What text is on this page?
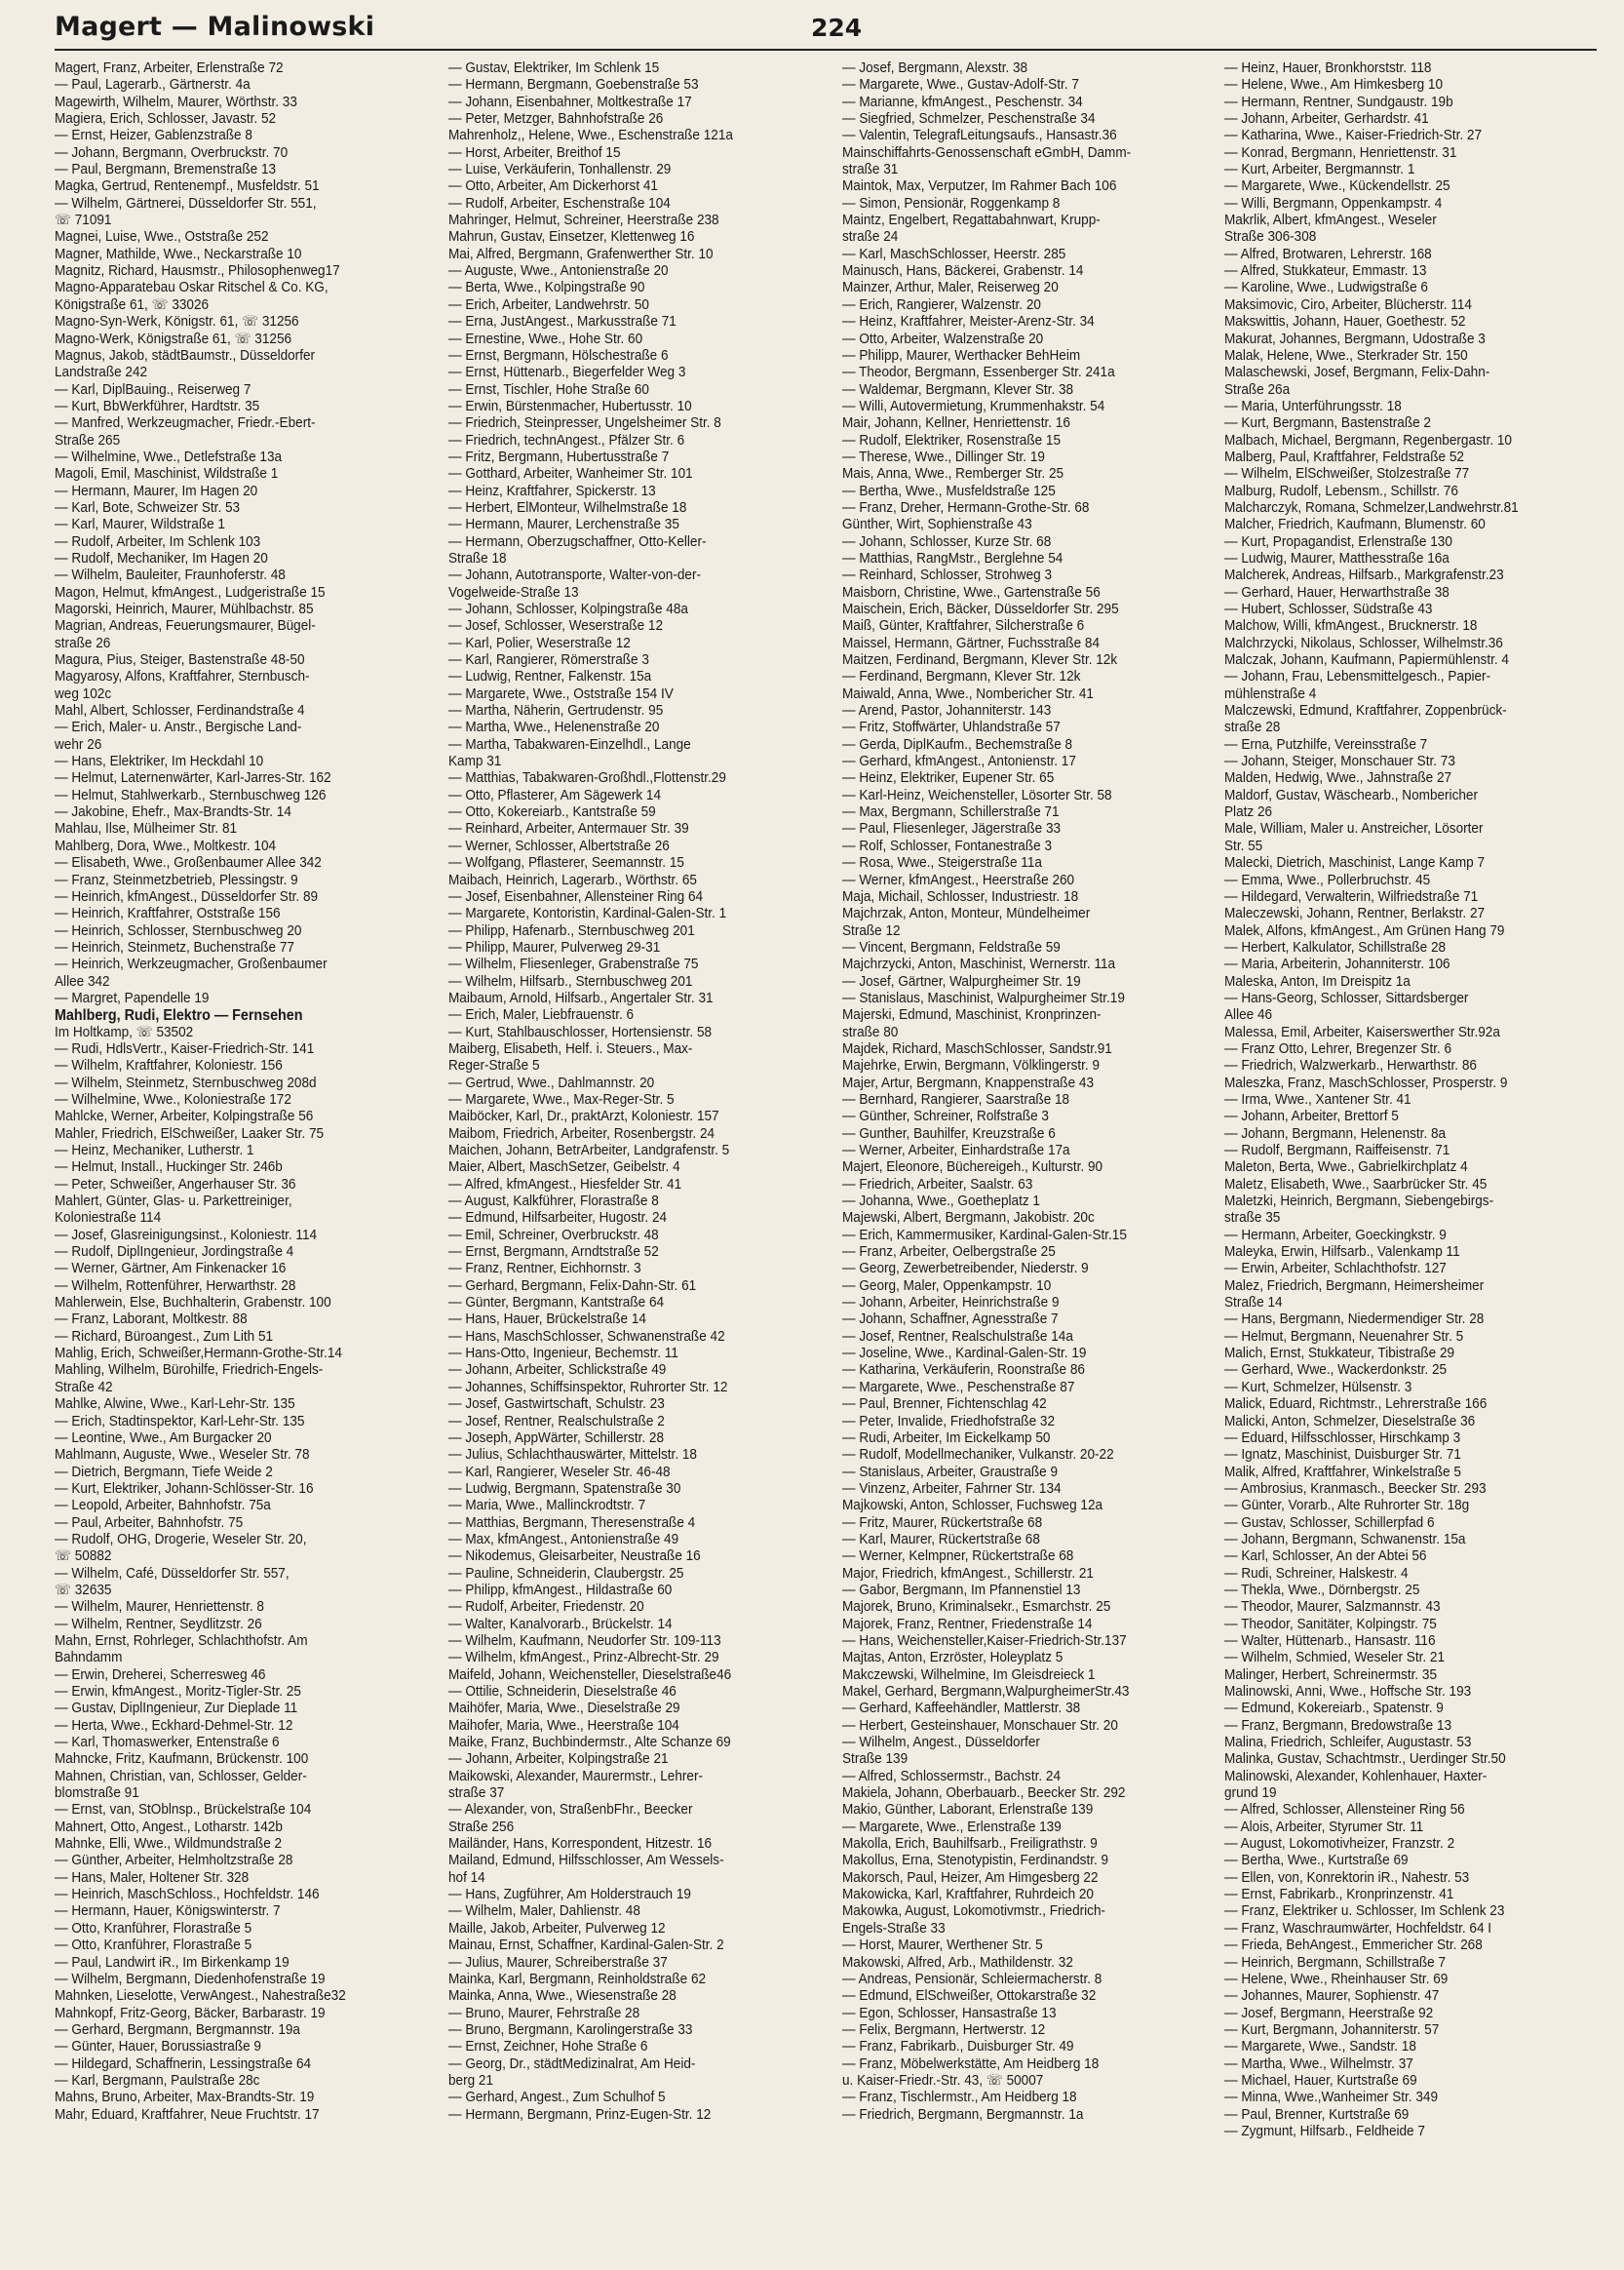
Magert — Malinowski	224
Magert, Franz, Arbeiter, Erlenstraße 72
— Paul, Lagerarb., Gärtnerstr. 4a
Magewirth, Wilhelm, Maurer, Wörthstr. 33
Magiera, Erich, Schlosser, Javastr. 52
— Ernst, Heizer, Gablenzstraße 8
— Johann, Bergmann, Overbruckstr. 70
— Paul, Bergmann, Bremenstraße 13
Magka, Gertrud, Rentenempf., Musfeldstr. 51
— Wilhelm, Gärtnerei, Düsseldorfer Str. 551,
☏ 71091
Magnei, Luise, Wwe., Oststraße 252
Magner, Mathilde, Wwe., Neckarstraße 10
Magnitz, Richard, Hausmstr., Philosophenweg17
Magno-Apparatebau Oskar Ritschel & Co. KG,
Königstraße 61, ☏ 33026
Magno-Syn-Werk, Königstr. 61, ☏ 31256
Magno-Werk, Königstraße 61, ☏ 31256
Magnus, Jakob, städtBaumstr., Düsseldorfer
Landstraße 242
— Karl, DiplBauing., Reiserweg 7
— Kurt, BbWerkführer, Hardtstr. 35
— Manfred, Werkzeugmacher, Friedr.-Ebert-
Straße 265
— Wilhelmine, Wwe., Detlefstraße 13a
Magoli, Emil, Maschinist, Wildstraße 1
— Hermann, Maurer, Im Hagen 20
— Karl, Bote, Schweizer Str. 53
— Karl, Maurer, Wildstraße 1
— Rudolf, Arbeiter, Im Schlenk 103
— Rudolf, Mechaniker, Im Hagen 20
— Wilhelm, Bauleiter, Fraunhoferstr. 48
Magon, Helmut, kfmAngest., Ludgeristraße 15
Magorski, Heinrich, Maurer, Mühlbachstr. 85
Magrian, Andreas, Feuerungsmaurer, Bügel-
straße 26
Magura, Pius, Steiger, Bastenstraße 48-50
Magyarosy, Alfons, Kraftfahrer, Sternbusch-
weg 102c
Mahl, Albert, Schlosser, Ferdinandstraße 4
— Erich, Maler- u. Anstr., Bergische Land-
wehr 26
— Hans, Elektriker, Im Heckdahl 10
— Helmut, Laternenwärter, Karl-Jarres-Str. 162
— Helmut, Stahlwerkarb., Sternbuschweg 126
— Jakobine, Ehefr., Max-Brandts-Str. 14
Mahlau, Ilse, Mülheimer Str. 81
Mahlberg, Dora, Wwe., Moltkestr. 104
— Elisabeth, Wwe., Großenbaumer Allee 342
— Franz, Steinmetzbetrieb, Plessingstr. 9
— Heinrich, kfmAngest., Düsseldorfer Str. 89
— Heinrich, Kraftfahrer, Oststraße 156
— Heinrich, Schlosser, Sternbuschweg 20
— Heinrich, Steinmetz, Buchenstraße 77
— Heinrich, Werkzeugmacher, Großenbaumer
Allee 342
— Margret, Papendelle 19
Mahlberg, Rudi, Elektro — Fernsehen
Im Holtkamp, ☏ 53502
— Rudi, HdlsVertr., Kaiser-Friedrich-Str. 141
— Wilhelm, Kraftfahrer, Koloniestr. 156
— Wilhelm, Steinmetz, Sternbuschweg 208d
— Wilhelmine, Wwe., Koloniestraße 172
Mahlcke, Werner, Arbeiter, Kolpingstraße 56
Mahler, Friedrich, ElSchweißer, Laaker Str. 75
— Heinz, Mechaniker, Lutherstr. 1
— Helmut, Install., Huckinger Str. 246b
— Peter, Schweißer, Angerhauser Str. 36
Mahlert, Günter, Glas- u. Parkettreiniger,
Koloniestraße 114
— Josef, Glasreinigungsinst., Koloniestr. 114
— Rudolf, DiplIngenieur, Jordingstraße 4
— Werner, Gärtner, Am Finkenacker 16
— Wilhelm, Rottenführer, Herwarthstr. 28
Mahlerwein, Else, Buchhalterin, Grabenstr. 100
— Franz, Laborant, Moltkestr. 88
— Richard, Büroangest., Zum Lith 51
Mahlig, Erich, Schweißer,Hermann-Grothe-Str.14
Mahling, Wilhelm, Bürohilfe, Friedrich-Engels-
Straße 42
Mahlke, Alwine, Wwe., Karl-Lehr-Str. 135
— Erich, Stadtinspektor, Karl-Lehr-Str. 135
— Leontine, Wwe., Am Burgacker 20
Mahlmann, Auguste, Wwe., Weseler Str. 78
— Dietrich, Bergmann, Tiefe Weide 2
— Kurt, Elektriker, Johann-Schlösser-Str. 16
— Leopold, Arbeiter, Bahnhofstr. 75a
— Paul, Arbeiter, Bahnhofstr. 75
— Rudolf, OHG, Drogerie, Weseler Str. 20,
☏ 50882
— Wilhelm, Café, Düsseldorfer Str. 557,
☏ 32635
— Wilhelm, Maurer, Henriettenstr. 8
— Wilhelm, Rentner, Seydlitzstr. 26
Mahn, Ernst, Rohrleger, Schlachthofstr. Am
Bahndamm
— Erwin, Dreherei, Scherresweg 46
— Erwin, kfmAngest., Moritz-Tigler-Str. 25
— Gustav, DiplIngenieur, Zur Dieplade 11
— Herta, Wwe., Eckhard-Dehmel-Str. 12
— Karl, Thomaswerker, Entenstraße 6
Mahncke, Fritz, Kaufmann, Brückenstr. 100
Mahnen, Christian, van, Schlosser, Gelder-
blomstraße 91
— Ernst, van, StOblnsp., Brückelstraße 104
Mahnert, Otto, Angest., Lotharstr. 142b
Mahnke, Elli, Wwe., Wildmundstraße 2
— Günther, Arbeiter, Helmholtzstraße 28
— Hans, Maler, Holtener Str. 328
— Heinrich, MaschSchloss., Hochfeldstr. 146
— Hermann, Hauer, Königswinterstr. 7
— Otto, Kranführer, Florastraße 5
— Otto, Kranführer, Florastraße 5
— Paul, Landwirt iR., Im Birkenkamp 19
— Wilhelm, Bergmann, Diedenhofenstraße 19
Mahnken, Lieselotte, VerwAngest., Nahestraße32
Mahnkopf, Fritz-Georg, Bäcker, Barbarastr. 19
— Gerhard, Bergmann, Bergmannstr. 19a
— Günter, Hauer, Borussiastraße 9
— Hildegard, Schaffnerin, Lessingstraße 64
— Karl, Bergmann, Paulstraße 28c
Mahns, Bruno, Arbeiter, Max-Brandts-Str. 19
Mahr, Eduard, Kraftfahrer, Neue Fruchtstr. 17
— Gustav, Elektriker, Im Schlenk 15
— Hermann, Bergmann, Goebenstraße 53
— Johann, Eisenbahner, Moltkestraße 17
— Peter, Metzger, Bahnhofstraße 26
Mahrenholz,, Helene, Wwe., Eschenstraße 121a
— Horst, Arbeiter, Breithof 15
— Luise, Verkäuferin, Tonhallenstr. 29
— Otto, Arbeiter, Am Dickerhorst 41
— Rudolf, Arbeiter, Eschenstraße 104
Mahringer, Helmut, Schreiner, Heerstraße 238
Mahrun, Gustav, Einsetzer, Klettenweg 16
Mai, Alfred, Bergmann, Grafenwerther Str. 10
— Auguste, Wwe., Antonienstraße 20
— Berta, Wwe., Kolpingstraße 90
— Erich, Arbeiter, Landwehrstr. 50
— Erna, JustAngest., Markusstraße 71
— Ernestine, Wwe., Hohe Str. 60
— Ernst, Bergmann, Hölschestraße 6
— Ernst, Hüttenarb., Biegerfelder Weg 3
— Ernst, Tischler, Hohe Straße 60
— Erwin, Bürstenmacher, Hubertusstr. 10
— Friedrich, Steinpresser, Ungelsheimer Str. 8
— Friedrich, technAngest., Pfälzer Str. 6
— Fritz, Bergmann, Hubertusstraße 7
— Gotthard, Arbeiter, Wanheimer Str. 101
— Heinz, Kraftfahrer, Spickerstr. 13
— Herbert, ElMonteur, Wilhelmstraße 18
— Hermann, Maurer, Lerchenstraße 35
— Hermann, Oberzugschaffner, Otto-Keller-
Straße 18
— Johann, Autotransporte, Walter-von-der-
Vogelweide-Straße 13
— Johann, Schlosser, Kolpingstraße 48a
— Josef, Schlosser, Weserstraße 12
— Karl, Polier, Weserstraße 12
— Karl, Rangierer, Römerstraße 3
— Ludwig, Rentner, Falkenstr. 15a
— Margarete, Wwe., Oststraße 154 IV
— Martha, Näherin, Gertrudenstr. 95
— Martha, Wwe., Helenenstraße 20
— Martha, Tabakwaren-Einzelhdl., Lange
Kamp 31
— Matthias, Tabakwaren-Großhdl.,Flottenstr.29
— Otto, Pflasterer, Am Sägewerk 14
— Otto, Kokereiarb., Kantstraße 59
— Reinhard, Arbeiter, Antermauer Str. 39
— Werner, Schlosser, Albertstraße 26
— Wolfgang, Pflasterer, Seemannstr. 15
Maibach, Heinrich, Lagerarb., Wörthstr. 65
— Josef, Eisenbahner, Allensteiner Ring 64
— Margarete, Kontoristin, Kardinal-Galen-Str. 1
— Philipp, Hafenarb., Sternbuschweg 201
— Philipp, Maurer, Pulverweg 29-31
— Wilhelm, Fliesenleger, Grabenstraße 75
— Wilhelm, Hilfsarb., Sternbuschweg 201
Maibaum, Arnold, Hilfsarb., Angertaler Str. 31
— Erich, Maler, Liebfrauenstr. 6
— Kurt, Stahlbauschlosser, Hortensienstr. 58
Maiberg, Elisabeth, Helf. i. Steuers., Max-
Reger-Straße 5
— Gertrud, Wwe., Dahlmannstr. 20
— Margarete, Wwe., Max-Reger-Str. 5
Maiböcker, Karl, Dr., praktArzt, Koloniestr. 157
Maibom, Friedrich, Arbeiter, Rosenbergstr. 24
Maichen, Johann, BetrArbeiter, Landgrafenstr. 5
Maier, Albert, MaschSetzer, Geibelstr. 4
— Alfred, kfmAngest., Hiesfelder Str. 41
— August, Kalkführer, Florastraße 8
— Edmund, Hilfsarbeiter, Hugostr. 24
— Emil, Schreiner, Overbruckstr. 48
— Ernst, Bergmann, Arndtstraße 52
— Franz, Rentner, Eichhornstr. 3
— Gerhard, Bergmann, Felix-Dahn-Str. 61
— Günter, Bergmann, Kantstraße 64
— Hans, Hauer, Brückelstraße 14
— Hans, MaschSchlosser, Schwanenstraße 42
— Hans-Otto, Ingenieur, Bechemstr. 11
— Johann, Arbeiter, Schlickstraße 49
— Johannes, Schiffsinspektor, Ruhrorter Str. 12
— Josef, Gastwirtschaft, Schulstr. 23
— Josef, Rentner, Realschulstraße 2
— Joseph, AppWärter, Schillerstr. 28
— Julius, Schlachthauswärter, Mittelstr. 18
— Karl, Rangierer, Weseler Str. 46-48
— Ludwig, Bergmann, Spatenstraße 30
— Maria, Wwe., Mallinckrodtstr. 7
— Matthias, Bergmann, Theresenstraße 4
— Max, kfmAngest., Antonienstraße 49
— Nikodemus, Gleisarbeiter, Neustraße 16
— Pauline, Schneiderin, Claubergstr. 25
— Philipp, kfmAngest., Hildastraße 60
— Rudolf, Arbeiter, Friedenstr. 20
— Walter, Kanalvorarb., Brückelstr. 14
— Wilhelm, Kaufmann, Neudorfer Str. 109-113
— Wilhelm, kfmAngest., Prinz-Albrecht-Str. 29
Maifeld, Johann, Weichensteller, Dieselstraße46
— Ottilie, Schneiderin, Dieselstraße 46
Maihöfer, Maria, Wwe., Dieselstraße 29
Maihofer, Maria, Wwe., Heerstraße 104
Maike, Franz, Buchbindermstr., Alte Schanze 69
— Johann, Arbeiter, Kolpingstraße 21
Maikowski, Alexander, Maurermstr., Lehrer-
straße 37
— Alexander, von, StraßenbFhr., Beecker
Straße 256
Mailänder, Hans, Korrespondent, Hitzestr. 16
Mailand, Edmund, Hilfsschlosser, Am Wessels-
hof 14
— Hans, Zugführer, Am Holderstrauch 19
— Wilhelm, Maler, Dahlienstr. 48
Maille, Jakob, Arbeiter, Pulverweg 12
Mainau, Ernst, Schaffner, Kardinal-Galen-Str. 2
— Julius, Maurer, Schreiberstraße 37
Mainka, Karl, Bergmann, Reinholdstraße 62
Mainka, Anna, Wwe., Wiesenstraße 28
— Bruno, Maurer, Fehrstraße 28
— Bruno, Bergmann, Karolingerstraße 33
— Ernst, Zeichner, Hohe Straße 6
— Georg, Dr., städtMedizinalrat, Am Heid-
berg 21
— Gerhard, Angest., Zum Schulhof 5
— Hermann, Bergmann, Prinz-Eugen-Str. 12
— Josef, Bergmann, Alexstr. 38
— Margarete, Wwe., Gustav-Adolf-Str. 7
— Marianne, kfmAngest., Peschenstr. 34
— Siegfried, Schmelzer, Peschenstraße 34
— Valentin, TelegrafLeitungsaufs., Hansastr.36
Mainschiffahrts-Genossenschaft eGmbH, Damm-
straße 31
Maintok, Max, Verputzer, Im Rahmer Bach 106
— Simon, Pensionär, Roggenkamp 8
Maintz, Engelbert, Regattabahnwart, Krupp-
straße 24
— Karl, MaschSchlosser, Heerstr. 285
Mainusch, Hans, Bäckerei, Grabenstr. 14
Mainzer, Arthur, Maler, Reiserweg 20
— Erich, Rangierer, Walzenstr. 20
— Heinz, Kraftfahrer, Meister-Arenz-Str. 34
— Otto, Arbeiter, Walzenstraße 20
— Philipp, Maurer, Werthacker BehHeim
— Theodor, Bergmann, Essenberger Str. 241a
— Waldemar, Bergmann, Klever Str. 38
— Willi, Autovermietung, Krummenhakstr. 54
Mair, Johann, Kellner, Henriettenstr. 16
— Rudolf, Elektriker, Rosenstraße 15
— Therese, Wwe., Dillinger Str. 19
Mais, Anna, Wwe., Remberger Str. 25
— Bertha, Wwe., Musfeldstraße 125
— Franz, Dreher, Hermann-Grothe-Str. 68
Günther, Wirt, Sophienstraße 43
— Johann, Schlosser, Kurze Str. 68
— Matthias, RangMstr., Berglehne 54
— Reinhard, Schlosser, Strohweg 3
Maisborn, Christine, Wwe., Gartenstraße 56
Maischein, Erich, Bäcker, Düsseldorfer Str. 295
Maiß, Günter, Kraftfahrer, Silcherstraße 6
Maissel, Hermann, Gärtner, Fuchsstraße 84
Maitzen, Ferdinand, Bergmann, Klever Str. 12k
— Ferdinand, Bergmann, Klever Str. 12k
Maiwald, Anna, Wwe., Nombericher Str. 41
— Arend, Pastor, Johanniterstr. 143
— Fritz, Stoffwärter, Uhlandstraße 57
— Gerda, DiplKaufm., Bechemstraße 8
— Gerhard, kfmAngest., Antonienstr. 17
— Heinz, Elektriker, Eupener Str. 65
— Karl-Heinz, Weichensteller, Lösorter Str. 58
— Max, Bergmann, Schillerstraße 71
— Paul, Fliesenleger, Jägerstraße 33
— Rolf, Schlosser, Fontanestraße 3
— Rosa, Wwe., Steigerstraße 11a
— Werner, kfmAngest., Heerstraße 260
Maja, Michail, Schlosser, Industriestr. 18
Majchrzak, Anton, Monteur, Mündelheimer
Straße 12
— Vincent, Bergmann, Feldstraße 59
Majchrzycki, Anton, Maschinist, Wernerstr. 11a
— Josef, Gärtner, Walpurgheimer Str. 19
— Stanislaus, Maschinist, Walpurgheimer Str.19
Majerski, Edmund, Maschinist, Kronprinzen-
straße 80
Majdek, Richard, MaschSchlosser, Sandstr.91
Majehrke, Erwin, Bergmann, Völklingerstr. 9
Majer, Artur, Bergmann, Knappenstraße 43
— Bernhard, Rangierer, Saarstraße 18
— Günther, Schreiner, Rolfstraße 3
— Gunther, Bauhilfer, Kreuzstraße 6
— Werner, Arbeiter, Einhardstraße 17a
Majert, Eleonore, Büchereigeh., Kulturstr. 90
— Friedrich, Arbeiter, Saalstr. 63
— Johanna, Wwe., Goetheplatz 1
Majewski, Albert, Bergmann, Jakobistr. 20c
— Erich, Kammermusiker, Kardinal-Galen-Str.15
— Franz, Arbeiter, Oelbergstraße 25
— Georg, Zewerbetreibender, Niederstr. 9
— Georg, Maler, Oppenkampstr. 10
— Johann, Arbeiter, Heinrichstraße 9
— Johann, Schaffner, Agnesstraße 7
— Josef, Rentner, Realschulstraße 14a
— Joseline, Wwe., Kardinal-Galen-Str. 19
— Katharina, Verkäuferin, Roonstraße 86
— Margarete, Wwe., Peschenstraße 87
— Paul, Brenner, Fichtenschlag 42
— Peter, Invalide, Friedhofstraße 32
— Rudi, Arbeiter, Im Eickelkamp 50
— Rudolf, Modellmechaniker, Vulkanstr. 20-22
— Stanislaus, Arbeiter, Graustraße 9
— Vinzenz, Arbeiter, Fahrner Str. 134
Majkowski, Anton, Schlosser, Fuchsweg 12a
— Fritz, Maurer, Rückertstraße 68
— Karl, Maurer, Rückertstraße 68
— Werner, Kelmpner, Rückertstraße 68
Major, Friedrich, kfmAngest., Schillerstr. 21
— Gabor, Bergmann, Im Pfannenstiel 13
Majorek, Bruno, Kriminalsekr., Esmarchstr. 25
Majorek, Franz, Rentner, Friedenstraße 14
— Hans, Weichensteller,Kaiser-Friedrich-Str.137
Majtas, Anton, Erzröster, Holeyplatz 5
Makczewski, Wilhelmine, Im Gleisdreieck 1
Makel, Gerhard, Bergmann,WalpurgheimerStr.43
— Gerhard, Kaffeehändler, Mattlerstr. 38
— Herbert, Gesteinshauer, Monschauer Str. 20
— Wilhelm, Angest., Düsseldorfer
Straße 139
— Alfred, Schlossermstr., Bachstr. 24
Makiela, Johann, Oberbauarb., Beecker Str. 292
Makio, Günther, Laborant, Erlenstraße 139
— Margarete, Wwe., Erlenstraße 139
Makolla, Erich, Bauhilfsarb., Freiligrathstr. 9
Makollus, Erna, Stenotypistin, Ferdinandstr. 9
Makorsch, Paul, Heizer, Am Himgesberg 22
Makowicka, Karl, Kraftfahrer, Ruhrdeich 20
Makowka, August, Lokomotivmstr., Friedrich-
Engels-Straße 33
— Horst, Maurer, Werthener Str. 5
Makowski, Alfred, Arb., Mathildenstr. 32
— Andreas, Pensionär, Schleiermacherstr. 8
— Edmund, ElSchweißer, Ottokarstraße 32
— Egon, Schlosser, Hansastraße 13
— Felix, Bergmann, Hertwerstr. 12
— Franz, Fabrikarb., Duisburger Str. 49
— Franz, Möbelwerkstätte, Am Heidberg 18
u. Kaiser-Friedr.-Str. 43, ☏ 50007
— Franz, Tischlermstr., Am Heidberg 18
— Friedrich, Bergmann, Bergmannstr. 1a
— Heinz, Hauer, Bronkhorststr. 118
— Helene, Wwe., Am Himkesberg 10
— Hermann, Rentner, Sundgaustr. 19b
— Johann, Arbeiter, Gerhardstr. 41
— Katharina, Wwe., Kaiser-Friedrich-Str. 27
— Konrad, Bergmann, Henriettenstr. 31
— Kurt, Arbeiter, Bergmannstr. 1
— Margarete, Wwe., Kückendellstr. 25
— Willi, Bergmann, Oppenkampstr. 4
Makrlik, Albert, kfmAngest., Weseler
Straße 306-308
— Alfred, Brotwaren, Lehrerstr. 168
— Alfred, Stukkateur, Emmastr. 13
— Karoline, Wwe., Ludwigstraße 6
Maksimovic, Ciro, Arbeiter, Blücherstr. 114
Makswittis, Johann, Hauer, Goethestr. 52
Makurat, Johannes, Bergmann, Udostraße 3
Malak, Helene, Wwe., Sterkrader Str. 150
Malaschewski, Josef, Bergmann, Felix-Dahn-
Straße 26a
— Maria, Unterführungsstr. 18
— Kurt, Bergmann, Bastenstraße 2
Malbach, Michael, Bergmann, Regenbergastr. 10
Malberg, Paul, Kraftfahrer, Feldstraße 52
— Wilhelm, ElSchweißer, Stolzestraße 77
Malburg, Rudolf, Lebensm., Schillstr. 76
Malcharczyk, Romana, Schmelzer,Landwehrstr.81
Malcher, Friedrich, Kaufmann, Blumenstr. 60
— Kurt, Propagandist, Erlenstraße 130
— Ludwig, Maurer, Matthesstraße 16a
Malcherek, Andreas, Hilfsarb., Markgrafenstr.23
— Gerhard, Hauer, Herwarthstraße 38
— Hubert, Schlosser, Südstraße 43
Malchow, Willi, kfmAngest., Brucknerstr. 18
Malchrzycki, Nikolaus, Schlosser, Wilhelmstr.36
Malczak, Johann, Kaufmann, Papiermühlenstr. 4
— Johann, Frau, Lebensmittelgesch., Papier-
mühlenstraße 4
Malczewski, Edmund, Kraftfahrer, Zoppenbrück-
straße 28
— Erna, Putzhilfe, Vereinsstraße 7
— Johann, Steiger, Monschauer Str. 73
Malden, Hedwig, Wwe., Jahnstraße 27
Maldorf, Gustav, Wäschearb., Nombericher
Platz 26
Male, William, Maler u. Anstreicher, Lösorter
Str. 55
Malecki, Dietrich, Maschinist, Lange Kamp 7
— Emma, Wwe., Pollerbruchstr. 45
— Hildegard, Verwalterin, Wilfriedstraße 71
Maleczewski, Johann, Rentner, Berlakstr. 27
Malek, Alfons, kfmAngest., Am Grünen Hang 79
— Herbert, Kalkulator, Schillstraße 28
— Maria, Arbeiterin, Johanniterstr. 106
Maleska, Anton, Im Dreispitz 1a
— Hans-Georg, Schlosser, Sittardsberger
Allee 46
Malessa, Emil, Arbeiter, Kaiserswerther Str.92a
— Franz Otto, Lehrer, Bregenzer Str. 6
— Friedrich, Walzwerkarb., Herwarthstr. 86
Maleszka, Franz, MaschSchlosser, Prosperstr. 9
— Irma, Wwe., Xantener Str. 41
— Johann, Arbeiter, Brettorf 5
— Johann, Bergmann, Helenenstr. 8a
— Rudolf, Bergmann, Raiffeisenstr. 71
Maleton, Berta, Wwe., Gabrielkirchplatz 4
Maletz, Elisabeth, Wwe., Saarbrücker Str. 45
Maletzki, Heinrich, Bergmann, Siebengebirgs-
straße 35
— Hermann, Arbeiter, Goeckingkstr. 9
Maleyka, Erwin, Hilfsarb., Valenkamp 11
— Erwin, Arbeiter, Schlachthofstr. 127
Malez, Friedrich, Bergmann, Heimersheimer
Straße 14
— Hans, Bergmann, Niedermendiger Str. 28
— Helmut, Bergmann, Neuenahrer Str. 5
Malich, Ernst, Stukkateur, Tibistraße 29
— Gerhard, Wwe., Wackerdonkstr. 25
— Kurt, Schmelzer, Hülsenstr. 3
Malick, Eduard, Richtmstr., Lehrerstraße 166
Malicki, Anton, Schmelzer, Dieselstraße 36
— Eduard, Hilfsschlosser, Hirschkamp 3
— Ignatz, Maschinist, Duisburger Str. 71
Malik, Alfred, Kraftfahrer, Winkelstraße 5
— Ambrosius, Kranmasch., Beecker Str. 293
— Günter, Vorarb., Alte Ruhrorter Str. 18g
— Gustav, Schlosser, Schillerpfad 6
— Johann, Bergmann, Schwanenstr. 15a
— Karl, Schlosser, An der Abtei 56
— Rudi, Schreiner, Halskestr. 4
— Thekla, Wwe., Dörnbergstr. 25
— Theodor, Maurer, Salzmannstr. 43
— Theodor, Sanitäter, Kolpingstr. 75
— Walter, Hüttenarb., Hansastr. 116
— Wilhelm, Schmied, Weseler Str. 21
Malinger, Herbert, Schreinermstr. 35
Malinowski, Anni, Wwe., Hoffsche Str. 193
— Edmund, Kokereiarb., Spatenstr. 9
— Franz, Bergmann, Bredowstraße 13
Malina, Friedrich, Schleifer, Augustastr. 53
Malinka, Gustav, Schachtmstr., Uerdinger Str.50
Malinowski, Alexander, Kohlenhauer, Haxter-
grund 19
— Alfred, Schlosser, Allensteiner Ring 56
— Alois, Arbeiter, Styrumer Str. 11
— August, Lokomotivheizer, Franzstr. 2
— Bertha, Wwe., Kurtstraße 69
— Ellen, von, Konrektorin iR., Nahestr. 53
— Ernst, Fabrikarb., Kronprinzenstr. 41
— Franz, Elektriker u. Schlosser, Im Schlenk 23
— Franz, Waschraumwärter, Hochfeldstr. 64 I
— Frieda, BehAngest., Emmericher Str. 268
— Heinrich, Bergmann, Schillstraße 7
— Helene, Wwe., Rheinhauser Str. 69
— Johannes, Maurer, Sophienstr. 47
— Josef, Bergmann, Heerstraße 92
— Kurt, Bergmann, Johanniterstr. 57
— Margarete, Wwe., Sandstr. 18
— Martha, Wwe., Wilhelmstr. 37
— Michael, Hauer, Kurtstraße 69
— Minna, Wwe.,Wanheimer Str. 349
— Paul, Brenner, Kurtstraße 69
— Zygmunt, Hilfsarb., Feldheide 7
